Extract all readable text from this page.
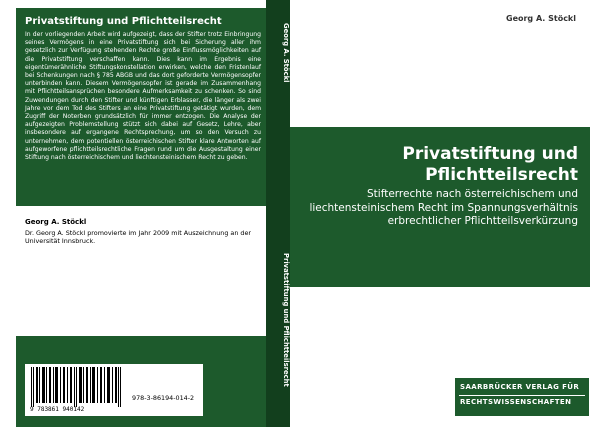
Privatstiftung und Pflichtteilsrecht
In der vorliegenden Arbeit wird aufgezeigt, dass der Stifter trotz Einbringung seines Vermögens in eine Privatstiftung sich bei Sicherung aller ihm gesetzlich zur Verfügung stehenden Rechte große Einflussmöglichkeiten auf die Privatstiftung verschaffen kann. Dies kann im Ergebnis eine eigentümerähnliche Stiftungskonstellation erwirken, welche den Fristenlauf bei Schenkungen nach § 785 ABGB und das dort geforderte Vermögensopfer unterbinden kann. Diesem Vermögensopfer ist gerade im Zusammenhang mit Pflichtteilsansprüchen besondere Aufmerksamkeit zu schenken. So sind Zuwendungen durch den Stifter und künftigen Erblasser, die länger als zwei Jahre vor dem Tod des Stifters an eine Privatstiftung getätigt wurden, dem Zugriff der Noterben grundsätzlich für immer entzogen. Die Analyse der aufgezeigten Problemstellung stützt sich dabei auf Gesetz, Lehre, aber insbesondere auf ergangene Rechtsprechung, um so den Versuch zu unternehmen, dem potentiellen österreichischen Stifter klare Antworten auf aufgeworfene pflichtteilsrechtliche Fragen rund um die Ausgestaltung einer Stiftung nach österreichischem und liechtensteinischem Recht zu geben.
Georg A. Stöckl
Dr. Georg A. Stöckl promovierte im Jahr 2009 mit Auszeichnung an der Universität Innsbruck.
9 783861 940142
978-3-86194-014-2
Georg A. Stöckl
Privatstiftung und Pflichtteilsrecht
Georg A. Stöckl
Privatstiftung und Pflichtteilsrecht
Stifterrechte nach österreichischem und liechtensteinischem Recht im Spannungsverhältnis erbrechtlicher Pflichtteilsverkürzung
SAARBRÜCKER VERLAG FÜR
RECHTSWISSENSCHAFTEN
